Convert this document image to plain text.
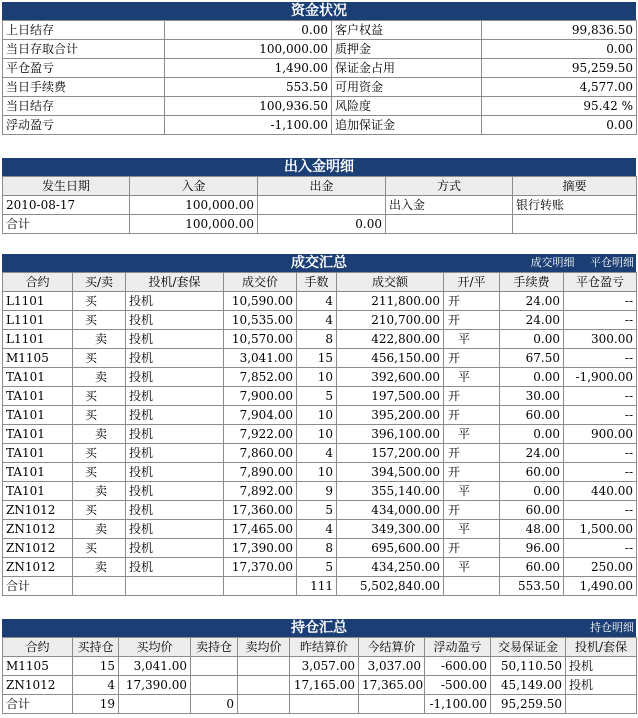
资金状况
上日结存	0.00	客户权益	99,836.50
当日存取合计	100,000.00	质押金	0.00
平仓盈亏	1,490.00	保证金占用	95,259.50
当日手续费	553.50	可用资金	4,577.00
当日结存	100,936.50	风险度	95.42 %
浮动盈亏	-1,100.00	追加保证金	0.00
出入金明细
发生日期	入金	出金	方式	摘要
2010-08-17	100,000.00		出入金	银行转账
合计	100,000.00	0.00		
成交汇总	成交明细 平仓明细
合约	买/卖	投机/套保	成交价	手数	成交额	开/平	手续费	平仓盈亏
L1101	买	投机	10,590.00	4	211,800.00	开	24.00	--
L1101	买	投机	10,535.00	4	210,700.00	开	24.00	--
L1101	卖	投机	10,570.00	8	422,800.00	平	0.00	300.00
M1105	买	投机	3,041.00	15	456,150.00	开	67.50	--
TA101	卖	投机	7,852.00	10	392,600.00	平	0.00	-1,900.00
TA101	买	投机	7,900.00	5	197,500.00	开	30.00	--
TA101	买	投机	7,904.00	10	395,200.00	开	60.00	--
TA101	卖	投机	7,922.00	10	396,100.00	平	0.00	900.00
TA101	买	投机	7,860.00	4	157,200.00	开	24.00	--
TA101	买	投机	7,890.00	10	394,500.00	开	60.00	--
TA101	卖	投机	7,892.00	9	355,140.00	平	0.00	440.00
ZN1012	买	投机	17,360.00	5	434,000.00	开	60.00	--
ZN1012	卖	投机	17,465.00	4	349,300.00	平	48.00	1,500.00
ZN1012	买	投机	17,390.00	8	695,600.00	开	96.00	--
ZN1012	卖	投机	17,370.00	5	434,250.00	平	60.00	250.00
合计				111	5,502,840.00		553.50	1,490.00
持仓汇总	持仓明细
合约	买持仓	买均价	卖持仓	卖均价	昨结算价	今结算价	浮动盈亏	交易保证金	投机/套保
M1105	15	3,041.00			3,057.00	3,037.00	-600.00	50,110.50	投机
ZN1012	4	17,390.00			17,165.00	17,365.00	-500.00	45,149.00	投机
合计	19		0				-1,100.00	95,259.50	
